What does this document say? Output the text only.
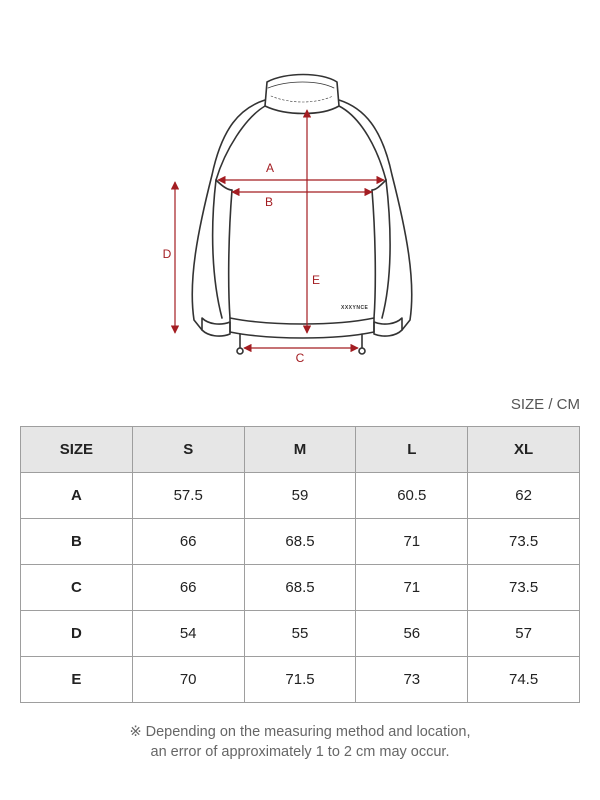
XXXYNCE
A
B
C
D
E
SIZE / CM
SIZE	S	M	L	XL
A	57.5	59	60.5	62
B	66	68.5	71	73.5
C	66	68.5	71	73.5
D	54	55	56	57
E	70	71.5	73	74.5
※ Depending on the measuring method and location,
an error of approximately 1 to 2 cm may occur.
